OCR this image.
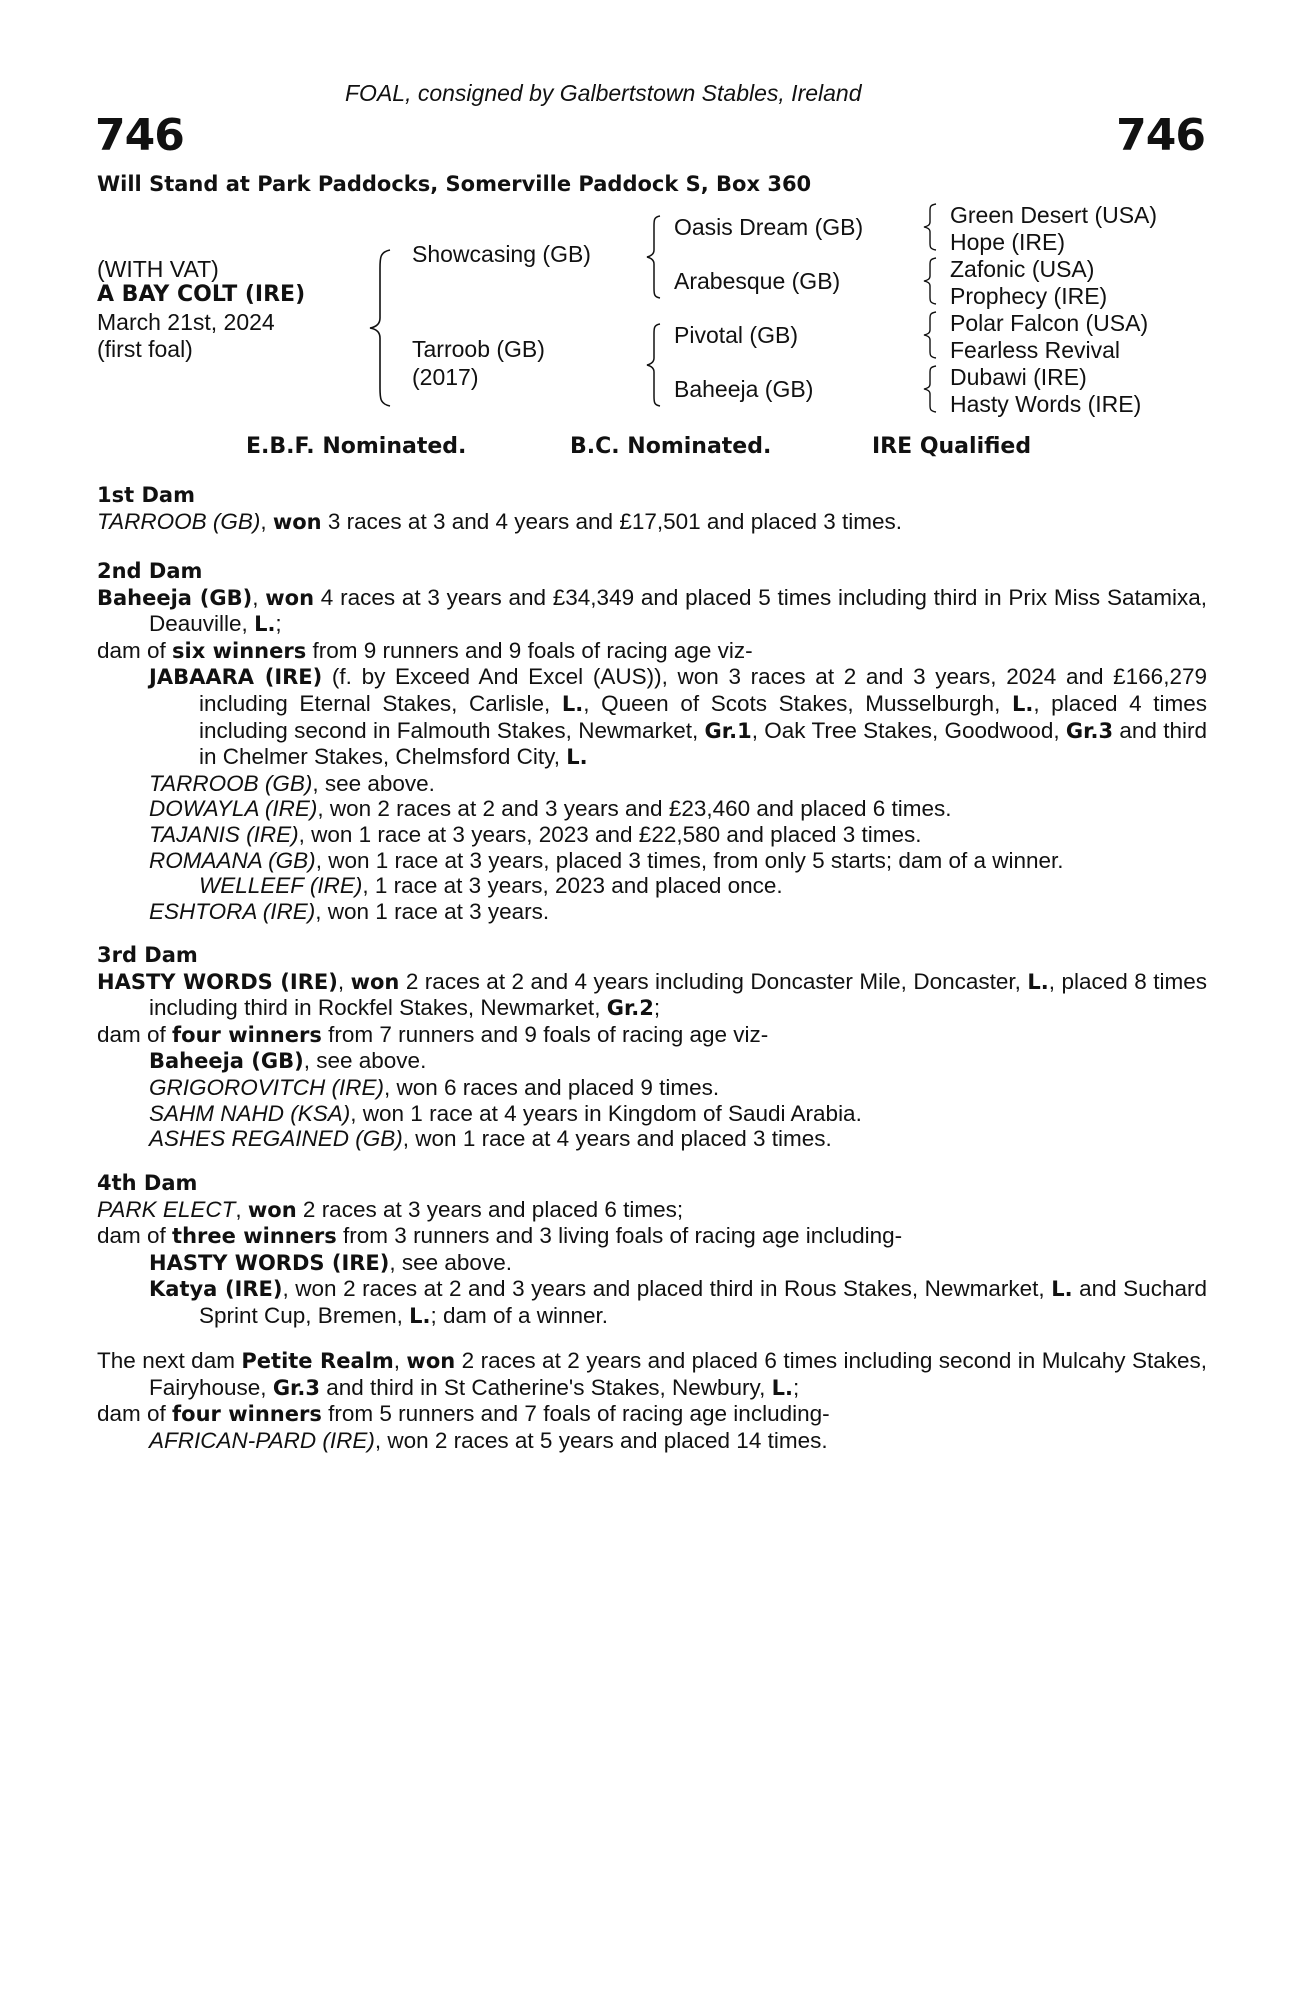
FOAL, consigned by Galbertstown Stables, Ireland
746	746
Will Stand at Park Paddocks, Somerville Paddock S, Box 360
(WITH VAT)
A BAY COLT (IRE)
March 21st, 2024
(first foal)
Showcasing (GB)
Tarroob (GB)
(2017)
Oasis Dream (GB)
Arabesque (GB)
Pivotal (GB)
Baheeja (GB)
Green Desert (USA)
Hope (IRE)
Zafonic (USA)
Prophecy (IRE)
Polar Falcon (USA)
Fearless Revival
Dubawi (IRE)
Hasty Words (IRE)
E.B.F. Nominated.	B.C. Nominated.	IRE Qualified
1st Dam
TARROOB (GB), won 3 races at 3 and 4 years and £17,501 and placed 3 times.
2nd Dam
Baheeja (GB), won 4 races at 3 years and £34,349 and placed 5 times including third in Prix Miss Satamixa, Deauville, L.;
dam of six winners from 9 runners and 9 foals of racing age viz-
JABAARA (IRE) (f. by Exceed And Excel (AUS)), won 3 races at 2 and 3 years, 2024 and £166,279 including Eternal Stakes, Carlisle, L., Queen of Scots Stakes, Musselburgh, L., placed 4 times including second in Falmouth Stakes, Newmarket, Gr.1, Oak Tree Stakes, Goodwood, Gr.3 and third in Chelmer Stakes, Chelmsford City, L.
TARROOB (GB), see above.
DOWAYLA (IRE), won 2 races at 2 and 3 years and £23,460 and placed 6 times.
TAJANIS (IRE), won 1 race at 3 years, 2023 and £22,580 and placed 3 times.
ROMAANA (GB), won 1 race at 3 years, placed 3 times, from only 5 starts; dam of a winner.
WELLEEF (IRE), 1 race at 3 years, 2023 and placed once.
ESHTORA (IRE), won 1 race at 3 years.
3rd Dam
HASTY WORDS (IRE), won 2 races at 2 and 4 years including Doncaster Mile, Doncaster, L., placed 8 times including third in Rockfel Stakes, Newmarket, Gr.2;
dam of four winners from 7 runners and 9 foals of racing age viz-
Baheeja (GB), see above.
GRIGOROVITCH (IRE), won 6 races and placed 9 times.
SAHM NAHD (KSA), won 1 race at 4 years in Kingdom of Saudi Arabia.
ASHES REGAINED (GB), won 1 race at 4 years and placed 3 times.
4th Dam
PARK ELECT, won 2 races at 3 years and placed 6 times;
dam of three winners from 3 runners and 3 living foals of racing age including-
HASTY WORDS (IRE), see above.
Katya (IRE), won 2 races at 2 and 3 years and placed third in Rous Stakes, Newmarket, L. and Suchard Sprint Cup, Bremen, L.; dam of a winner.
The next dam Petite Realm, won 2 races at 2 years and placed 6 times including second in Mulcahy Stakes, Fairyhouse, Gr.3 and third in St Catherine's Stakes, Newbury, L.;
dam of four winners from 5 runners and 7 foals of racing age including-
AFRICAN-PARD (IRE), won 2 races at 5 years and placed 14 times.
